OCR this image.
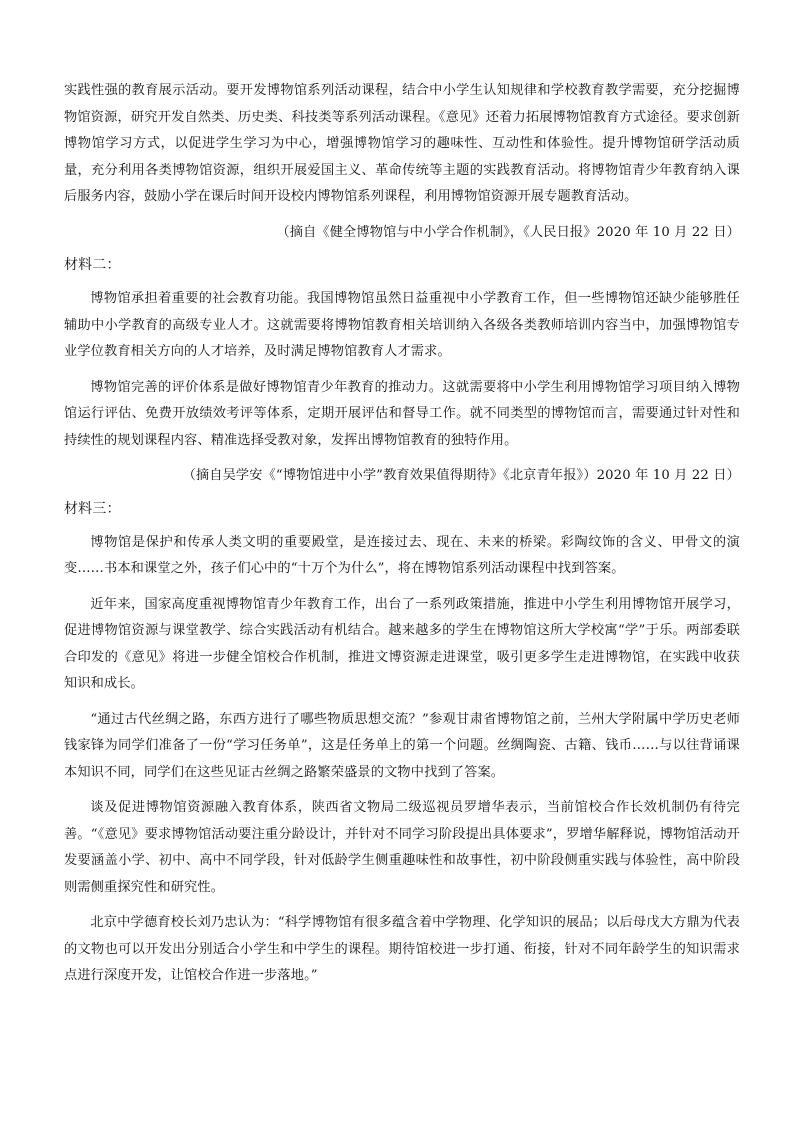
实践性强的教育展示活动。要开发博物馆系列活动课程，结合中小学生认知规律和学校教育教学需要，充分挖掘博物馆资源，研究开发自然类、历史类、科技类等系列活动课程。《意见》还着力拓展博物馆教育方式途径。要求创新博物馆学习方式，以促进学生学习为中心，增强博物馆学习的趣味性、互动性和体验性。提升博物馆研学活动质量，充分利用各类博物馆资源，组织开展爱国主义、革命传统等主题的实践教育活动。将博物馆青少年教育纳入课后服务内容，鼓励小学在课后时间开设校内博物馆系列课程，利用博物馆资源开展专题教育活动。

（摘自《健全博物馆与中小学合作机制》，《人民日报》2020 年 10 月 22 日）

材料二：

博物馆承担着重要的社会教育功能。我国博物馆虽然日益重视中小学教育工作，但一些博物馆还缺少能够胜任辅助中小学教育的高级专业人才。这就需要将博物馆教育相关培训纳入各级各类教师培训内容当中，加强博物馆专业学位教育相关方向的人才培养，及时满足博物馆教育人才需求。

博物馆完善的评价体系是做好博物馆青少年教育的推动力。这就需要将中小学生利用博物馆学习项目纳入博物馆运行评估、免费开放绩效考评等体系，定期开展评估和督导工作。就不同类型的博物馆而言，需要通过针对性和持续性的规划课程内容、精准选择受教对象，发挥出博物馆教育的独特作用。

（摘自吴学安《“博物馆进中小学”教育效果值得期待》《北京青年报》）2020 年 10 月 22 日）

材料三：

博物馆是保护和传承人类文明的重要殿堂，是连接过去、现在、未来的桥梁。彩陶纹饰的含义、甲骨文的演变……书本和课堂之外，孩子们心中的“十万个为什么”，将在博物馆系列活动课程中找到答案。

近年来，国家高度重视博物馆青少年教育工作，出台了一系列政策措施，推进中小学生利用博物馆开展学习，促进博物馆资源与课堂教学、综合实践活动有机结合。越来越多的学生在博物馆这所大学校寓“学”于乐。两部委联合印发的《意见》将进一步健全馆校合作机制，推进文博资源走进课堂，吸引更多学生走进博物馆，在实践中收获知识和成长。

“通过古代丝绸之路，东西方进行了哪些物质思想交流？”参观甘肃省博物馆之前，兰州大学附属中学历史老师钱家锋为同学们准备了一份“学习任务单”，这是任务单上的第一个问题。丝绸陶瓷、古籍、钱币……与以往背诵课本知识不同，同学们在这些见证古丝绸之路繁荣盛景的文物中找到了答案。

谈及促进博物馆资源融入教育体系，陕西省文物局二级巡视员罗增华表示，当前馆校合作长效机制仍有待完善。“《意见》要求博物馆活动要注重分龄设计，并针对不同学习阶段提出具体要求”，罗增华解释说，博物馆活动开发要涵盖小学、初中、高中不同学段，针对低龄学生侧重趣味性和故事性，初中阶段侧重实践与体验性，高中阶段则需侧重探究性和研究性。

北京中学德育校长刘乃忠认为：“科学博物馆有很多蕴含着中学物理、化学知识的展品；以后母戊大方鼎为代表的文物也可以开发出分别适合小学生和中学生的课程。期待馆校进一步打通、衔接，针对不同年龄学生的知识需求点进行深度开发，让馆校合作进一步落地。”
